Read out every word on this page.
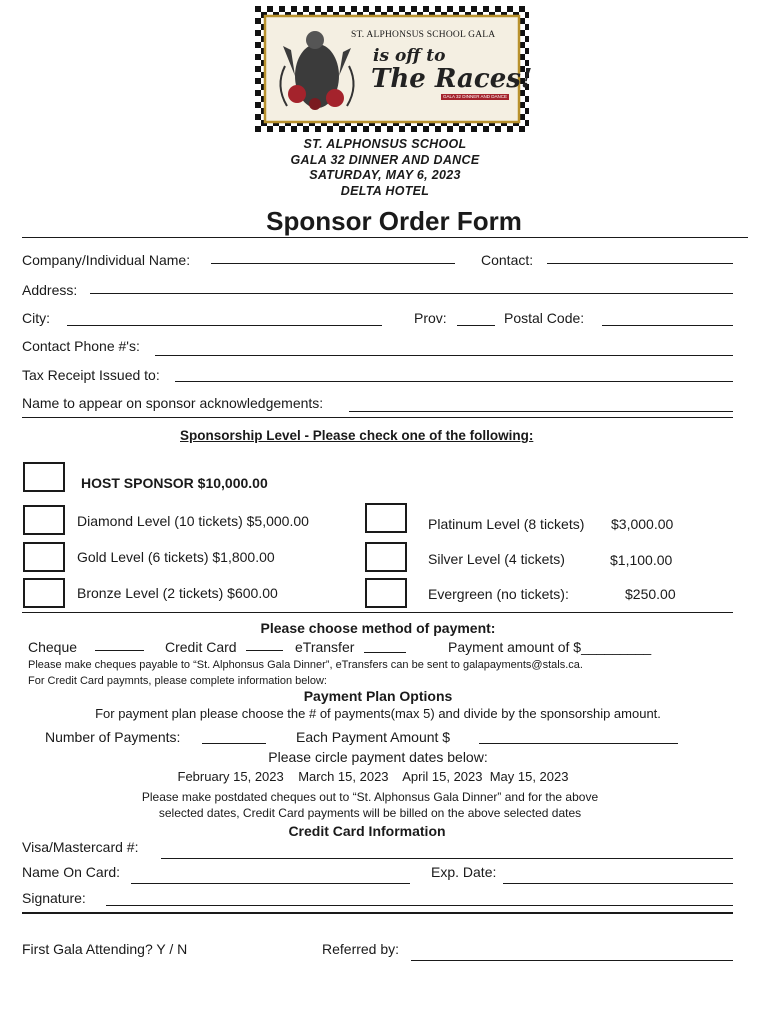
ST. ALPHONSUS SCHOOL GALA
is off to
The Races!
GALA 32 DINNER AND DANCE
ST. ALPHONSUS SCHOOL
GALA 32 DINNER AND DANCE
SATURDAY, MAY 6, 2023
DELTA HOTEL
Sponsor Order Form
Company/Individual Name:	Contact:
Address:
City:	Prov:	Postal Code:
Contact Phone #'s:
Tax Receipt Issued to:
Name to appear on sponsor acknowledgements:
Sponsorship Level - Please check one of the following:
HOST SPONSOR $10,000.00
Diamond Level (10 tickets) $5,000.00	Platinum Level (8 tickets) $3,000.00
Gold Level (6 tickets) $1,800.00	Silver Level (4 tickets)	$1,100.00
Bronze Level (2 tickets) $600.00	Evergreen (no tickets):	$250.00
Please choose method of payment:
Cheque	Credit Card	eTransfer	Payment amount of $_________
Please make cheques payable to “St. Alphonsus Gala Dinner”, eTransfers can be sent to galapayments@stals.ca.
For Credit Card paymnts, please complete information below:
Payment Plan Options
For payment plan please choose the # of payments(max 5) and divide by the sponsorship amount.
Number of Payments:	Each Payment Amount $
Please circle payment dates below:
February 15, 2023    March 15, 2023    April 15, 2023  May 15, 2023
Please make postdated cheques out to “St. Alphonsus Gala Dinner” and for the above
selected dates, Credit Card payments will be billed on the above selected dates
Credit Card Information
Visa/Mastercard #:
Name On Card:	Exp. Date:
Signature:
First Gala Attending? Y / N	Referred by:
